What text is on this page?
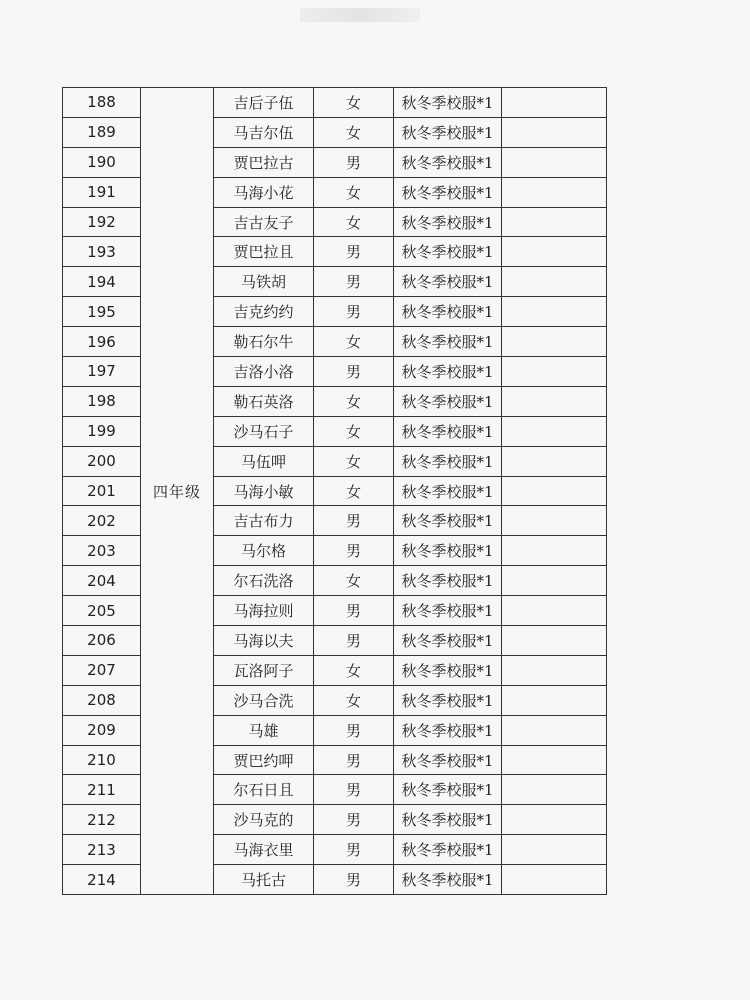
188	四年级	吉后子伍	女	秋冬季校服*1	
189		马吉尔伍	女	秋冬季校服*1	
190		贾巴拉古	男	秋冬季校服*1	
191		马海小花	女	秋冬季校服*1	
192		吉古友子	女	秋冬季校服*1	
193		贾巴拉且	男	秋冬季校服*1	
194		马铁胡	男	秋冬季校服*1	
195		吉克约约	男	秋冬季校服*1	
196		勒石尔牛	女	秋冬季校服*1	
197		吉洛小洛	男	秋冬季校服*1	
198		勒石英洛	女	秋冬季校服*1	
199		沙马石子	女	秋冬季校服*1	
200		马伍呷	女	秋冬季校服*1	
201		马海小敏	女	秋冬季校服*1	
202		吉古布力	男	秋冬季校服*1	
203		马尔格	男	秋冬季校服*1	
204		尔石洗洛	女	秋冬季校服*1	
205		马海拉则	男	秋冬季校服*1	
206		马海以夫	男	秋冬季校服*1	
207		瓦洛阿子	女	秋冬季校服*1	
208		沙马合洗	女	秋冬季校服*1	
209		马雄	男	秋冬季校服*1	
210		贾巴约呷	男	秋冬季校服*1	
211		尔石日且	男	秋冬季校服*1	
212		沙马克的	男	秋冬季校服*1	
213		马海衣里	男	秋冬季校服*1	
214		马托古	男	秋冬季校服*1	
